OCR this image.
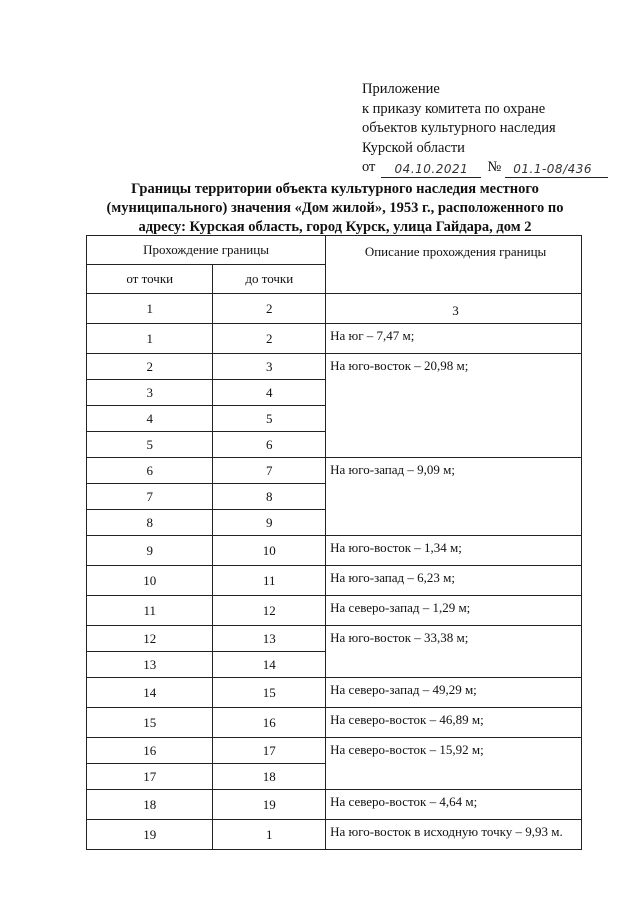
Приложение
к приказу комитета по охране
объектов культурного наследия
Курской области
от	04.10.2021	№	01.1-08/436
Границы территории объекта культурного наследия местного (муниципального) значения «Дом жилой», 1953 г., расположенного по адресу: Курская область, город Курск, улица Гайдара, дом 2
Прохождение границы		Описание прохождения границы
от точки	до точки	
1	2	3
1	2	На юг – 7,47 м;
2	3	На юго-восток – 20,98 м;
3	4	
4	5	
5	6	
6	7	На юго-запад – 9,09 м;
7	8	
8	9	
9	10	На юго-восток – 1,34 м;
10	11	На юго-запад – 6,23 м;
11	12	На северо-запад – 1,29 м;
12	13	На юго-восток – 33,38 м;
13	14	
14	15	На северо-запад – 49,29 м;
15	16	На северо-восток – 46,89 м;
16	17	На северо-восток – 15,92 м;
17	18	
18	19	На северо-восток – 4,64 м;
19	1	На юго-восток в исходную точку – 9,93 м.
